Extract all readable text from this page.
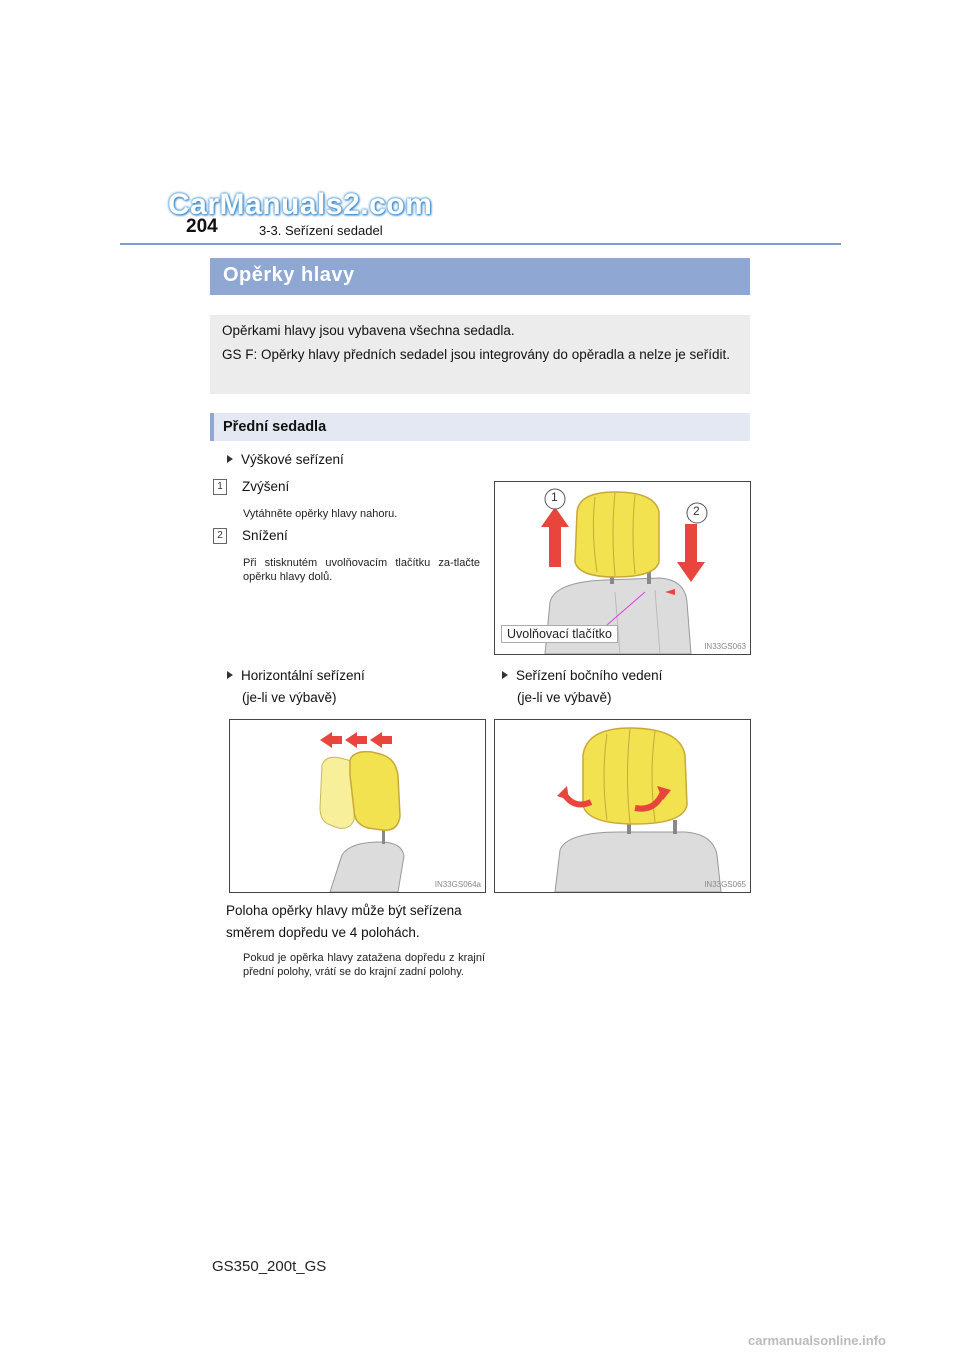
CarManuals2.com
204	3-3. Seřízení sedadel
Opěrky hlavy

Opěrkami hlavy jsou vybavena všechna sedadla.

GS F: Opěrky hlavy předních sedadel jsou integrovány do opěradla a nelze je seřídit.

Přední sedadla
Výškové seřízení
1	Zvýšení
Vytáhněte opěrky hlavy nahoru.
2	Snížení
Při stisknutém uvolňovacím tlačítku za-tlačte opěrku hlavy dolů.
1
2
Uvolňovací tlačítko
IN33GS063
Horizontální seřízení
(je-li ve výbavě)
Seřízení bočního vedení
(je-li ve výbavě)
IN33GS064a	IN33GS065
Poloha opěrky hlavy může být seřízena směrem dopředu ve 4 polohách.
Pokud je opěrka hlavy zatažena dopředu z krajní přední polohy, vrátí se do krajní zadní polohy.
GS350_200t_GS
carmanualsonline.info
